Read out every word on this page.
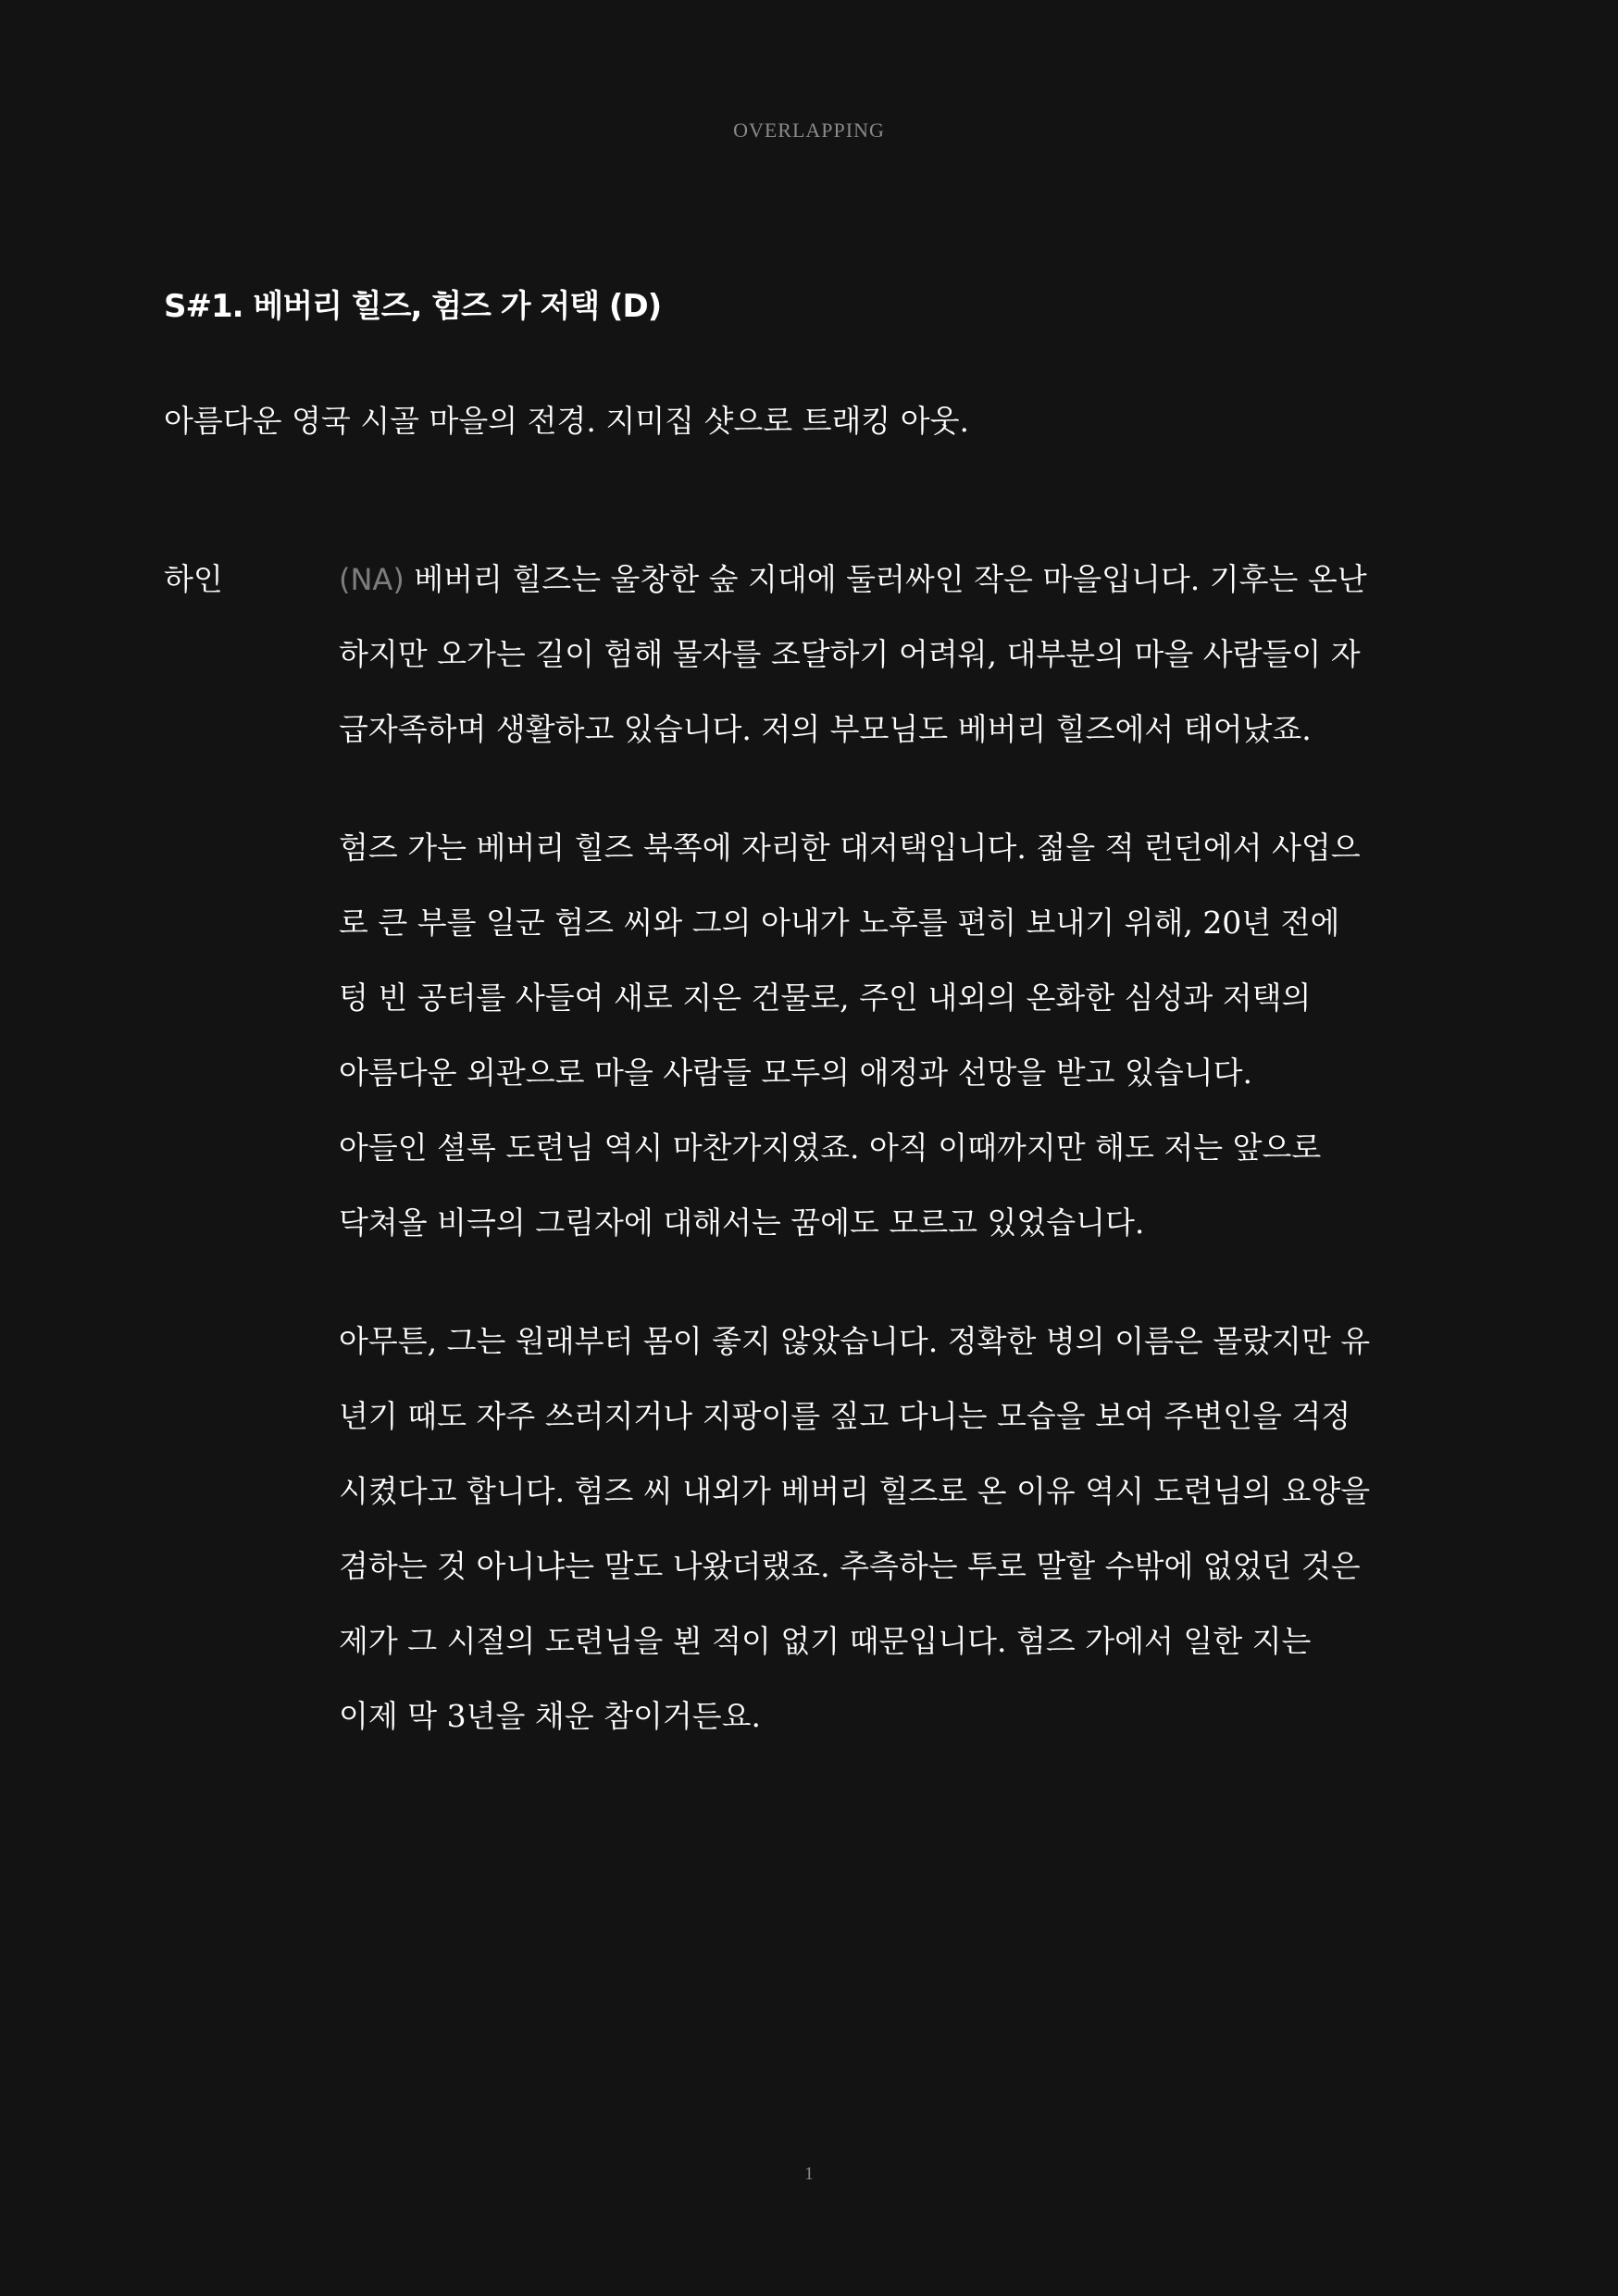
OVERLAPPING
S#1. 베버리 힐즈, 험즈 가 저택 (D)
아름다운 영국 시골 마을의 전경. 지미집 샷으로 트래킹 아웃.
하인	(NA) 베버리 힐즈는 울창한 숲 지대에 둘러싸인 작은 마을입니다. 기후는 온난
하지만 오가는 길이 험해 물자를 조달하기 어려워, 대부분의 마을 사람들이 자
급자족하며 생활하고 있습니다. 저의 부모님도 베버리 힐즈에서 태어났죠.
험즈 가는 베버리 힐즈 북쪽에 자리한 대저택입니다. 젊을 적 런던에서 사업으
로 큰 부를 일군 험즈 씨와 그의 아내가 노후를 편히 보내기 위해, 20년 전에
텅 빈 공터를 사들여 새로 지은 건물로, 주인 내외의 온화한 심성과 저택의
아름다운 외관으로 마을 사람들 모두의 애정과 선망을 받고 있습니다.
아들인 셜록 도련님 역시 마찬가지였죠. 아직 이때까지만 해도 저는 앞으로
닥쳐올 비극의 그림자에 대해서는 꿈에도 모르고 있었습니다.
아무튼, 그는 원래부터 몸이 좋지 않았습니다. 정확한 병의 이름은 몰랐지만 유
년기 때도 자주 쓰러지거나 지팡이를 짚고 다니는 모습을 보여 주변인을 걱정
시켰다고 합니다. 험즈 씨 내외가 베버리 힐즈로 온 이유 역시 도련님의 요양을
겸하는 것 아니냐는 말도 나왔더랬죠. 추측하는 투로 말할 수밖에 없었던 것은
제가 그 시절의 도련님을 뵌 적이 없기 때문입니다. 험즈 가에서 일한 지는
이제 막 3년을 채운 참이거든요.
1
